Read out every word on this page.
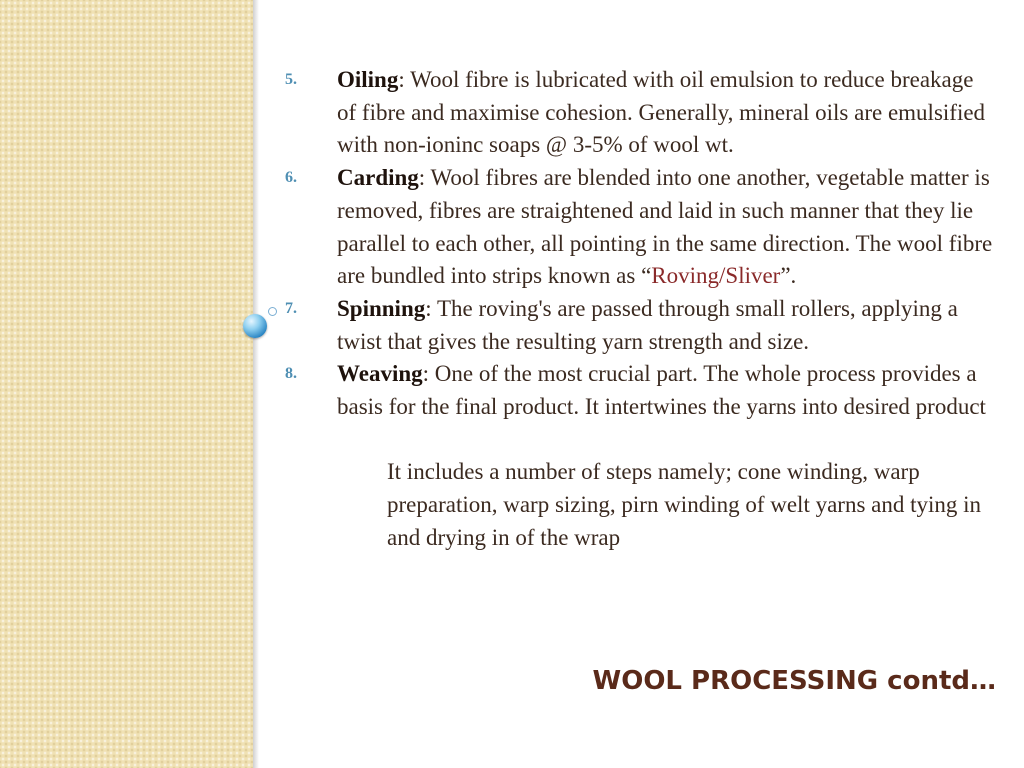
5. Oiling: Wool fibre is lubricated with oil emulsion to reduce breakage of fibre and maximise cohesion. Generally, mineral oils are emulsified with non-ioninc soaps @ 3-5% of wool wt.
6. Carding: Wool fibres are blended into one another, vegetable matter is removed, fibres are straightened and laid in such manner that they lie parallel to each other, all pointing in the same direction. The wool fibre are bundled into strips known as “Roving/Sliver”.
7. Spinning: The roving's are passed through small rollers, applying a twist that gives the resulting yarn strength and size.
8. Weaving: One of the most crucial part. The whole process provides a basis for the final product. It intertwines the yarns into desired product
It includes a number of steps namely; cone winding, warp preparation, warp sizing, pirn winding of welt yarns and tying in and drying in of the wrap
WOOL PROCESSING contd…
